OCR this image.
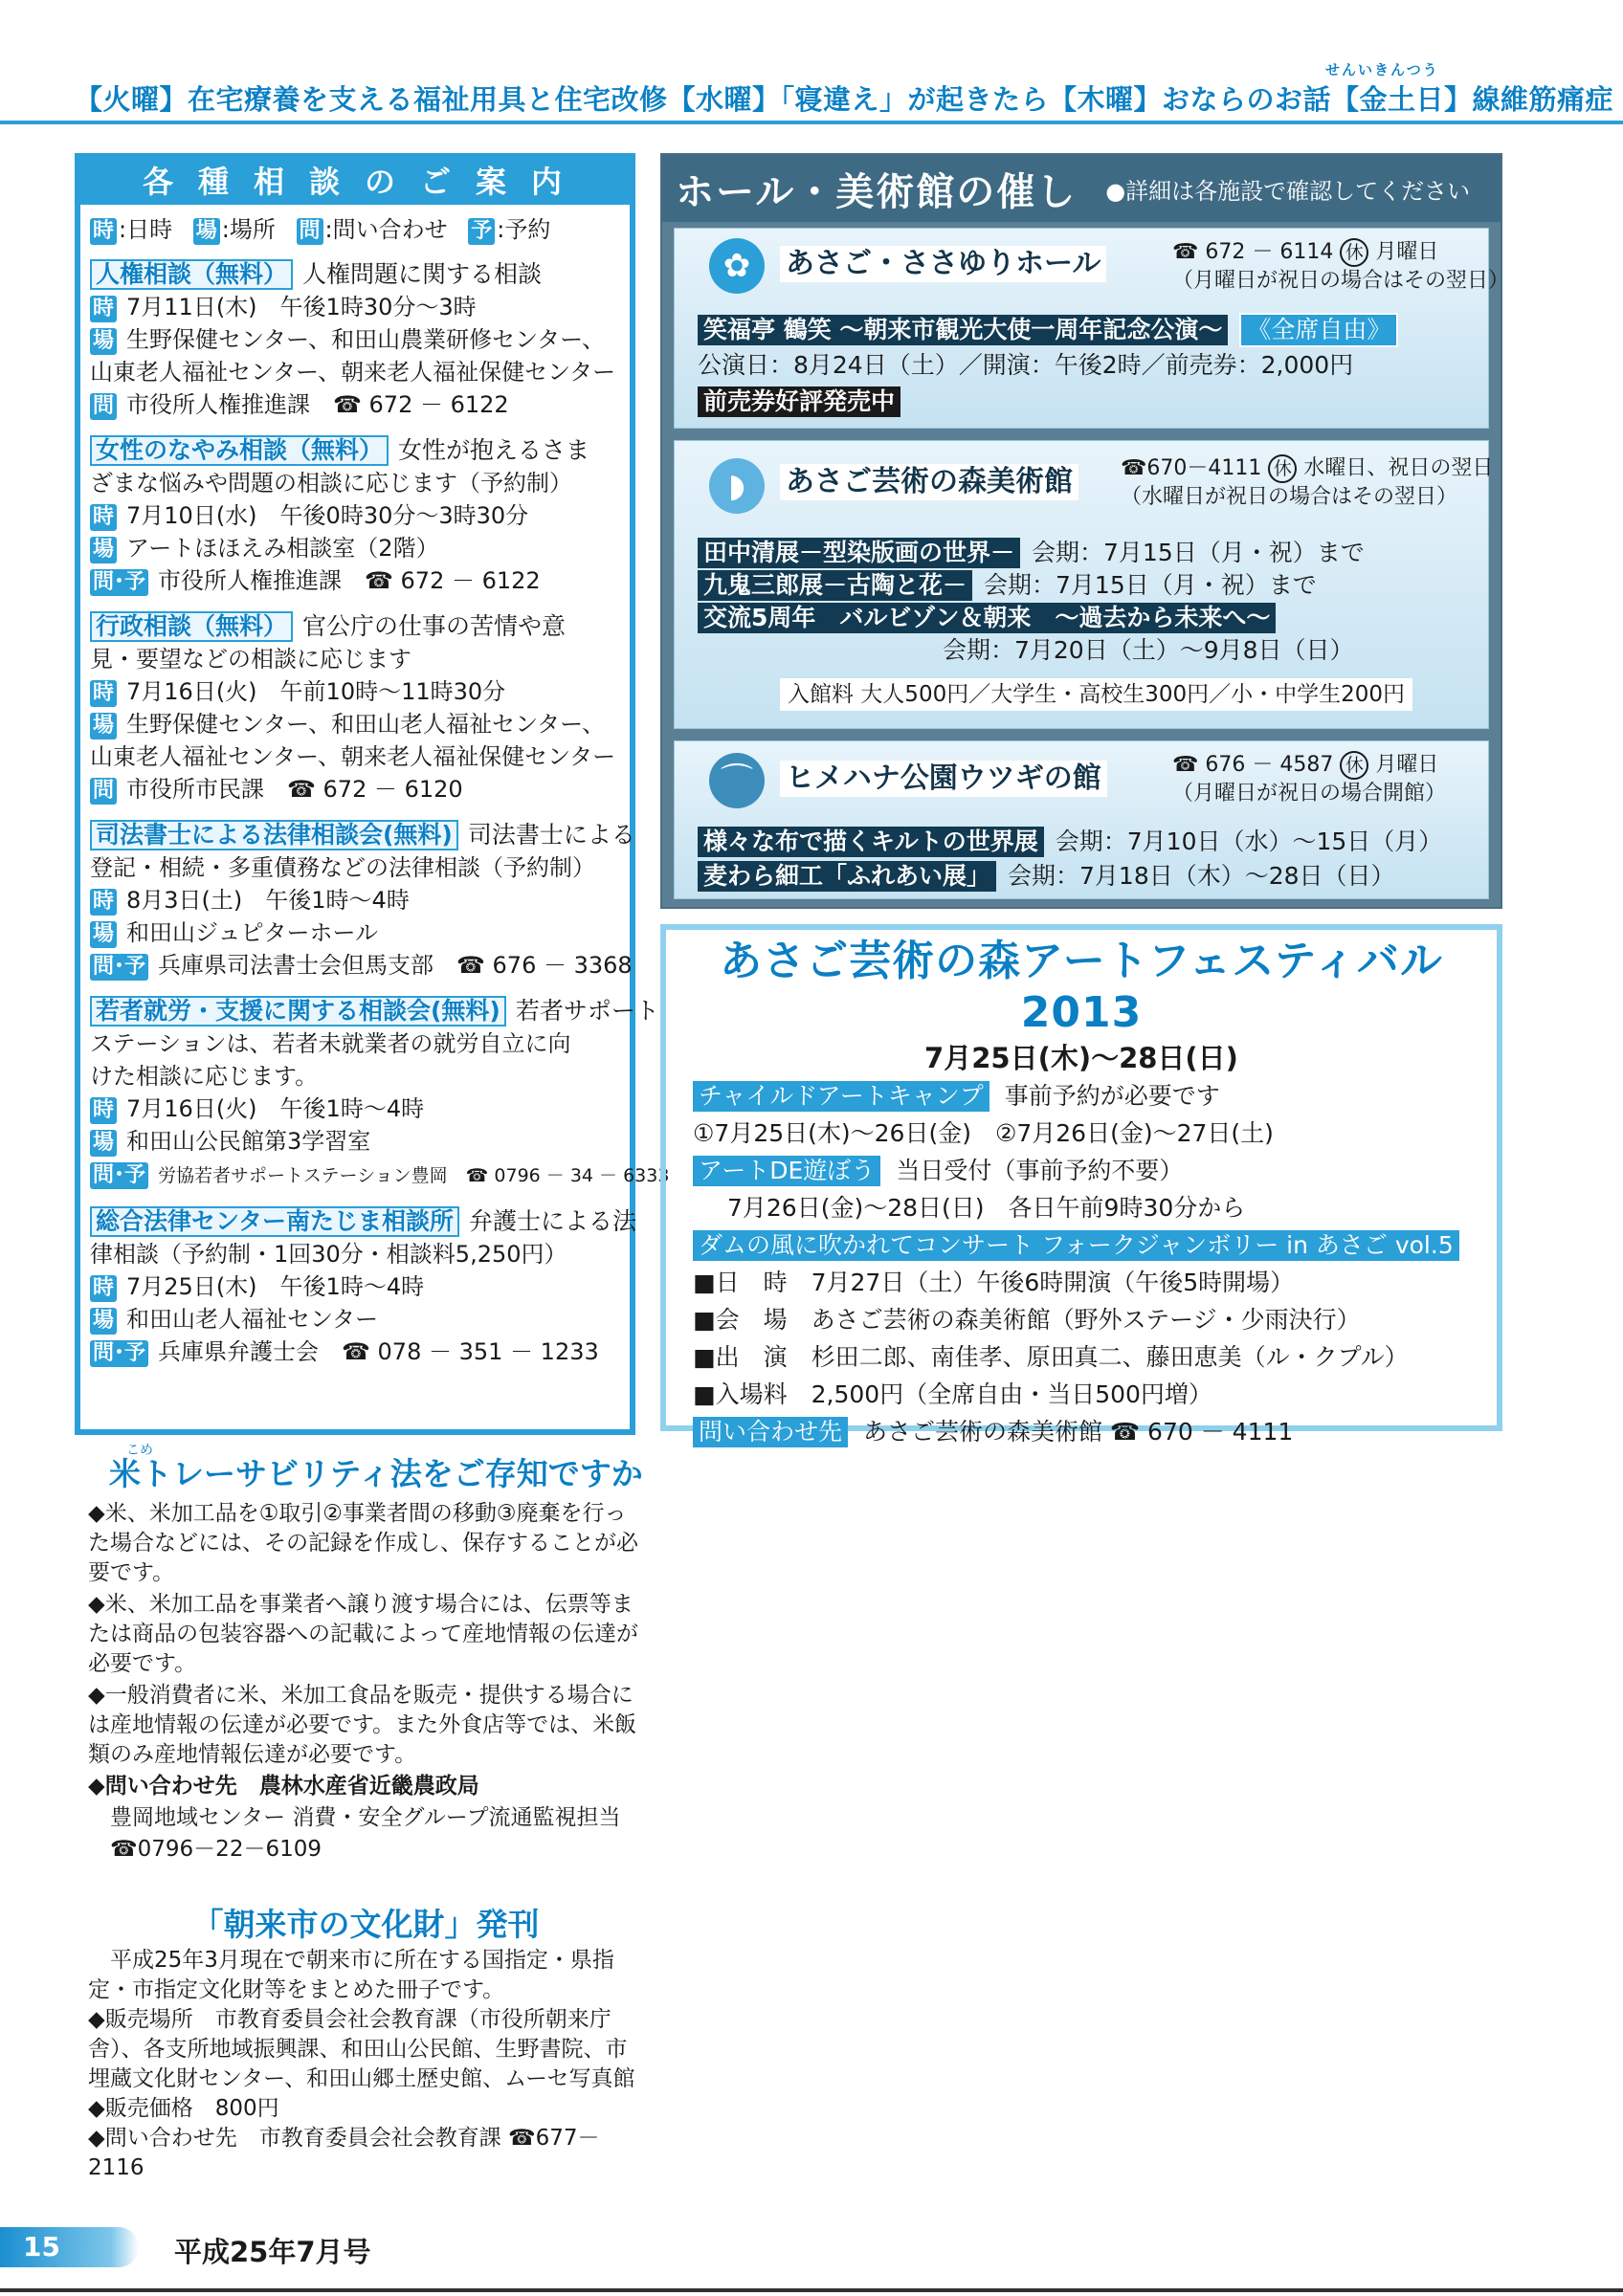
せんいきんつう
【火曜】在宅療養を支える福祉用具と住宅改修【水曜】「寝違え」が起きたら【木曜】おならのお話【金土日】線維筋痛症
各種相談のご案内
時 :日時 場 :場所 問 :問い合わせ 予 :予約
人権相談（無料） 人権問題に関する相談
時 7月11日(木)　午後1時30分～3時
場 生野保健センター、和田山農業研修センター、
山東老人福祉センター、朝来老人福祉保健センター
問 市役所人権推進課　☎ 672 － 6122
女性のなやみ相談（無料） 女性が抱えるさま
ざまな悩みや問題の相談に応じます（予約制）
時 7月10日(水)　午後0時30分～3時30分
場 アートほほえみ相談室（2階）
問･予 市役所人権推進課　☎ 672 － 6122
行政相談（無料） 官公庁の仕事の苦情や意
見・要望などの相談に応じます
時 7月16日(火)　午前10時～11時30分
場 生野保健センター、和田山老人福祉センター、
山東老人福祉センター、朝来老人福祉保健センター
問 市役所市民課　☎ 672 － 6120
司法書士による法律相談会(無料) 司法書士による
登記・相続・多重債務などの法律相談（予約制）
時 8月3日(土)　午後1時～4時
場 和田山ジュピターホール
問･予 兵庫県司法書士会但馬支部　☎ 676 － 3368
若者就労・支援に関する相談会(無料) 若者サポート
ステーションは、若者未就業者の就労自立に向
けた相談に応じます。
時 7月16日(火)　午後1時～4時
場 和田山公民館第3学習室
問･予 労協若者サポートステーション豊岡　☎ 0796 － 34 － 6333
総合法律センター南たじま相談所 弁護士による法
律相談（予約制・1回30分・相談料5,250円）
時 7月25日(木)　午後1時～4時
場 和田山老人福祉センター
問･予 兵庫県弁護士会　☎ 078 － 351 － 1233
こめ
米トレーサビリティ法をご存知ですか

◆米、米加工品を①取引②事業者間の移動③廃棄を行った場合などには、その記録を作成し、保存することが必要です。

◆米、米加工品を事業者へ譲り渡す場合には、伝票等または商品の包装容器への記載によって産地情報の伝達が必要です。

◆一般消費者に米、米加工食品を販売・提供する場合には産地情報の伝達が必要です。また外食店等では、米飯類のみ産地情報伝達が必要です。

◆問い合わせ先　農林水産省近畿農政局

　豊岡地域センター 消費・安全グループ流通監視担当

　☎0796－22－6109

「朝来市の文化財」発刊

　平成25年3月現在で朝来市に所在する国指定・県指定・市指定文化財等をまとめた冊子です。

◆販売場所　市教育委員会社会教育課（市役所朝来庁舎）、各支所地域振興課、和田山公民館、生野書院、市埋蔵文化財センター、和田山郷土歴史館、ムーセ写真館　◆販売価格　800円

◆問い合わせ先　市教育委員会社会教育課 ☎677－2116

ホール・美術館の催し ●詳細は各施設で確認してください
✿	あさご・ささゆりホール	☎ 672 － 6114 休 月曜日
（月曜日が祝日の場合はその翌日）
笑福亭 鶴笑 ～朝来市観光大使一周年記念公演～ 《全席自由》
公演日：8月24日（土）／開演：午後2時／前売券：2,000円
前売券好評発売中
◗	あさご芸術の森美術館 ☎670－4111 休 水曜日、祝日の翌日
（水曜日が祝日の場合はその翌日）
田中清展－型染版画の世界－ 会期：7月15日（月・祝）まで
九鬼三郎展－古陶と花－ 会期：7月15日（月・祝）まで
交流5周年　バルビゾン＆朝来　～過去から未来へ～
会期：7月20日（土）～9月8日（日）
入館料 大人500円／大学生・高校生300円／小・中学生200円
⌒	ヒメハナ公園ウツギの館	☎ 676 － 4587 休 月曜日
（月曜日が祝日の場合開館）
様々な布で描くキルトの世界展 会期：7月10日（水）～15日（月）
麦わら細工「ふれあい展」 会期：7月18日（木）～28日（日）
あさご芸術の森アートフェスティバル 2013
7月25日(木)～28日(日)
チャイルドアートキャンプ 事前予約が必要です
①7月25日(木)～26日(金)　②7月26日(金)～27日(土)
アートDE遊ぼう 当日受付（事前予約不要）
7月26日(金)～28日(日)　各日午前9時30分から
ダムの風に吹かれてコンサート フォークジャンボリー in あさご vol.5
■日　時　7月27日（土）午後6時開演（午後5時開場）
■会　場　あさご芸術の森美術館（野外ステージ・少雨決行）
■出　演　杉田二郎、南佳孝、原田真二、藤田恵美（ル・クプル）
■入場料　2,500円（全席自由・当日500円増）
問い合わせ先 あさご芸術の森美術館 ☎ 670 － 4111
15	平成25年7月号
